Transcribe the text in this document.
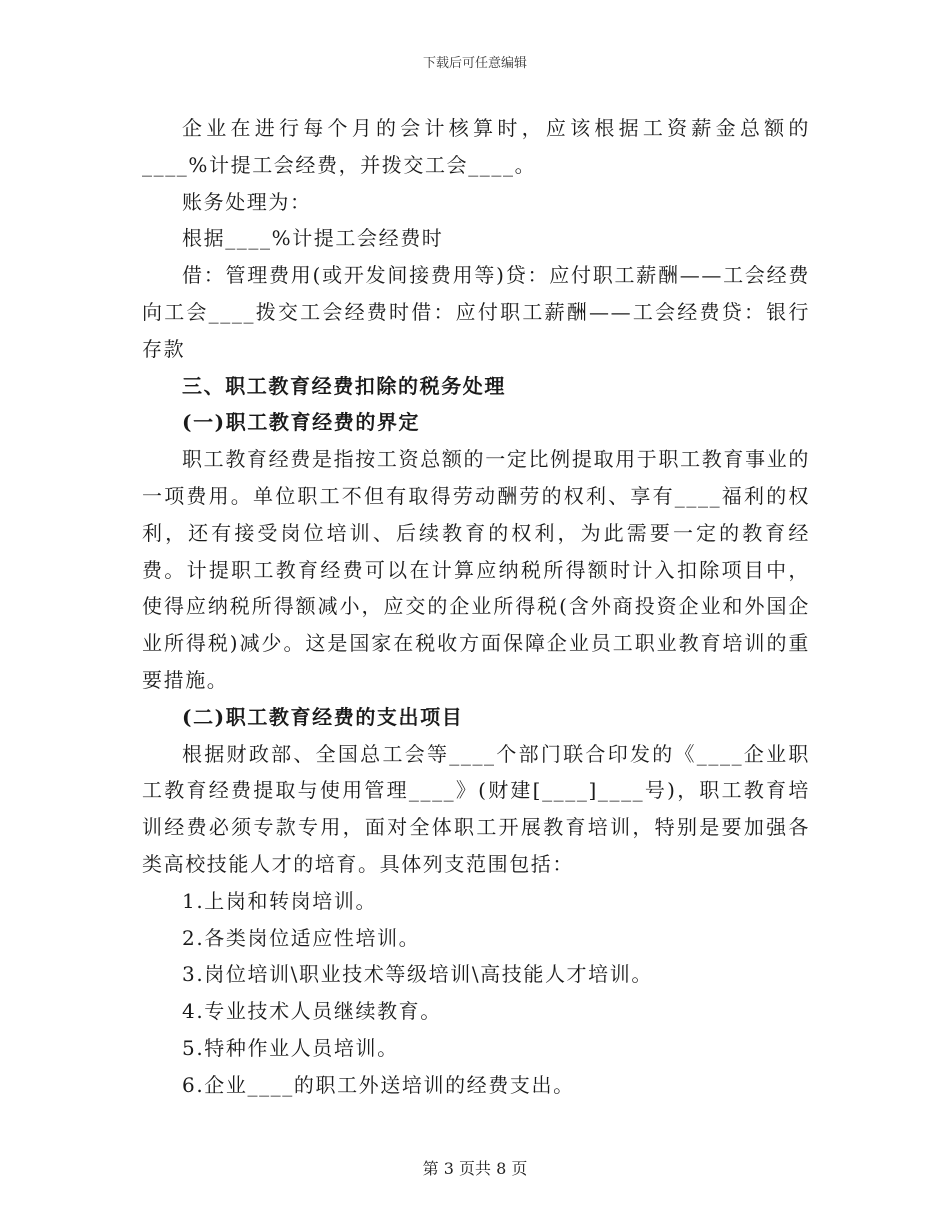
下载后可任意编辑

企业在进行每个月的会计核算时，应该根据工资薪金总额的____%计提工会经费，并拨交工会____。

账务处理为：

根据____%计提工会经费时

借：管理费用(或开发间接费用等)贷：应付职工薪酬——工会经费向工会____拨交工会经费时借：应付职工薪酬——工会经费贷：银行存款

三、职工教育经费扣除的税务处理

(一)职工教育经费的界定

职工教育经费是指按工资总额的一定比例提取用于职工教育事业的一项费用。单位职工不但有取得劳动酬劳的权利、享有____福利的权利，还有接受岗位培训、后续教育的权利，为此需要一定的教育经费。计提职工教育经费可以在计算应纳税所得额时计入扣除项目中，使得应纳税所得额减小，应交的企业所得税(含外商投资企业和外国企业所得税)减少。这是国家在税收方面保障企业员工职业教育培训的重要措施。

(二)职工教育经费的支出项目

根据财政部、全国总工会等____个部门联合印发的《____企业职工教育经费提取与使用管理____》(财建[____]____号)，职工教育培训经费必须专款专用，面对全体职工开展教育培训，特别是要加强各类高校技能人才的培育。具体列支范围包括：

1.上岗和转岗培训。

2.各类岗位适应性培训。

3.岗位培训\职业技术等级培训\高技能人才培训。

4.专业技术人员继续教育。

5.特种作业人员培训。

6.企业____的职工外送培训的经费支出。

第 3 页共 8 页
